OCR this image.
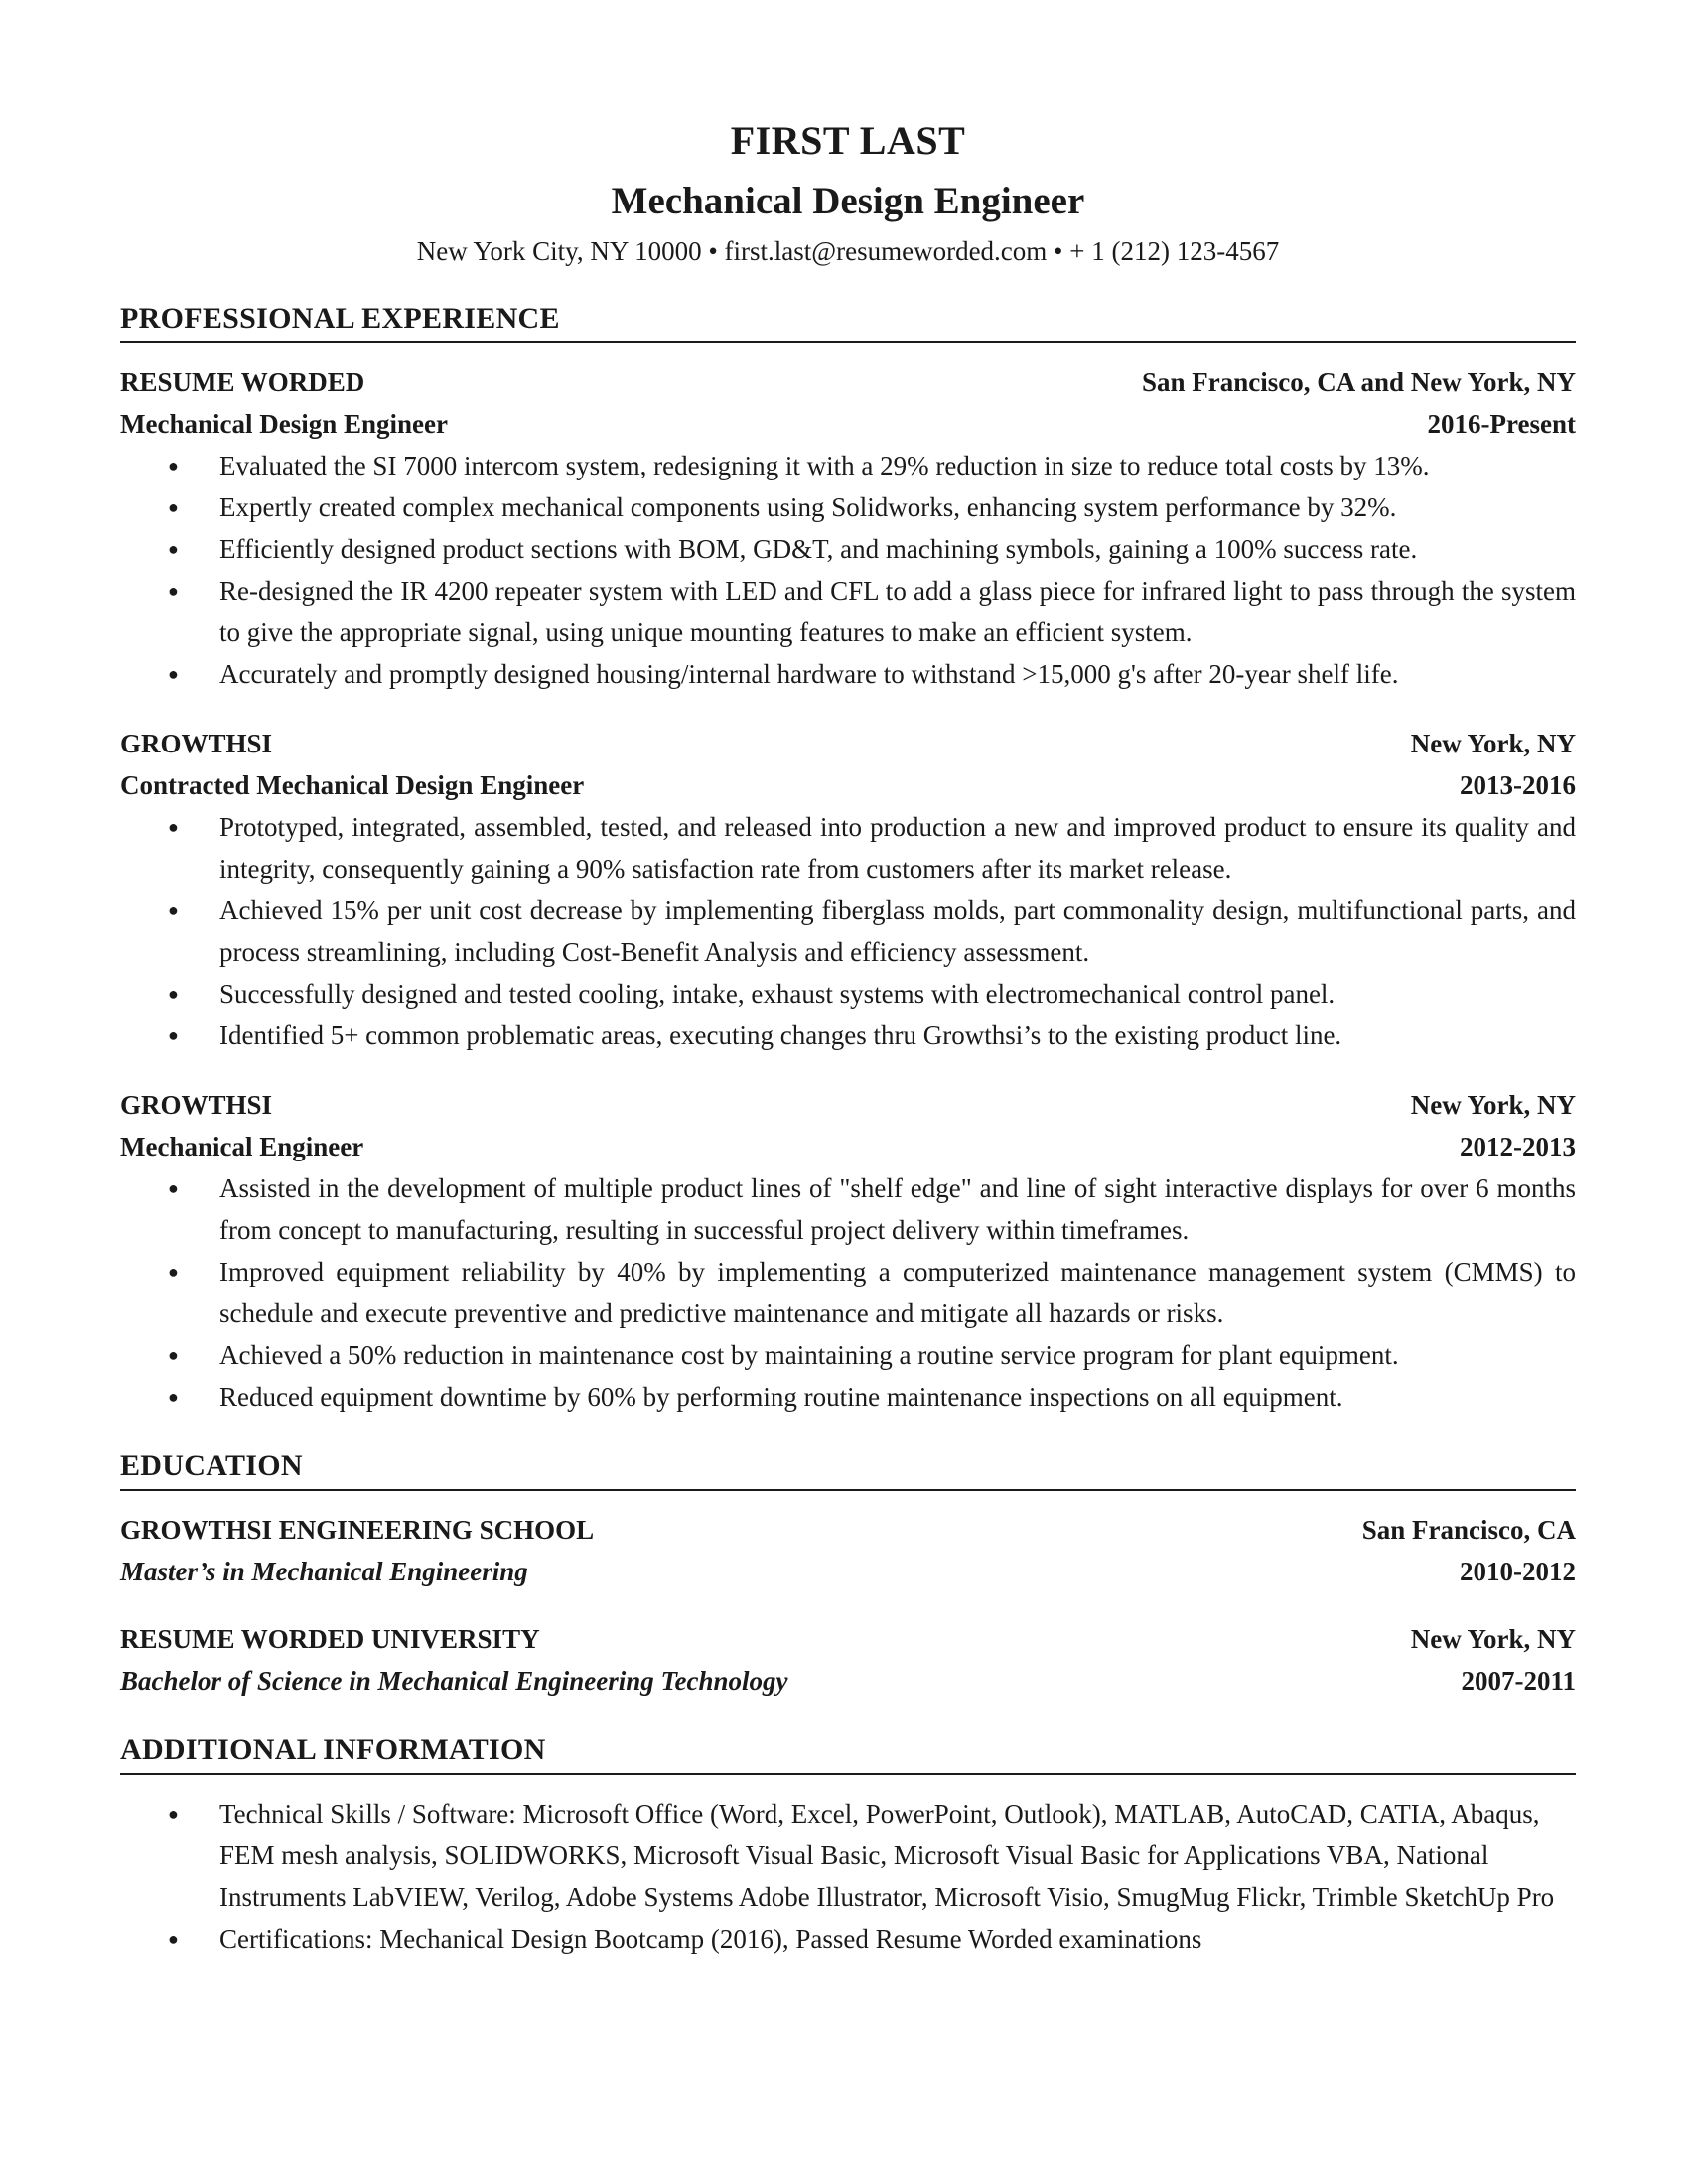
FIRST LAST
Mechanical Design Engineer
New York City, NY 10000 • first.last@resumeworded.com • + 1 (212) 123-4567
PROFESSIONAL EXPERIENCE
RESUME WORDED	San Francisco, CA and New York, NY
Mechanical Design Engineer	2016-Present
● Evaluated the SI 7000 intercom system, redesigning it with a 29% reduction in size to reduce total costs by 13%.
● Expertly created complex mechanical components using Solidworks, enhancing system performance by 32%.
● Efficiently designed product sections with BOM, GD&T, and machining symbols, gaining a 100% success rate.
● Re-designed the IR 4200 repeater system with LED and CFL to add a glass piece for infrared light to pass through the system to give the appropriate signal, using unique mounting features to make an efficient system.
● Accurately and promptly designed housing/internal hardware to withstand >15,000 g's after 20-year shelf life.
GROWTHSI	New York, NY
Contracted Mechanical Design Engineer	2013-2016
● Prototyped, integrated, assembled, tested, and released into production a new and improved product to ensure its quality and integrity, consequently gaining a 90% satisfaction rate from customers after its market release.
● Achieved 15% per unit cost decrease by implementing fiberglass molds, part commonality design, multifunctional parts, and process streamlining, including Cost-Benefit Analysis and efficiency assessment.
● Successfully designed and tested cooling, intake, exhaust systems with electromechanical control panel.
● Identified 5+ common problematic areas, executing changes thru Growthsi’s to the existing product line.
GROWTHSI	New York, NY
Mechanical Engineer	2012-2013
● Assisted in the development of multiple product lines of "shelf edge" and line of sight interactive displays for over 6 months from concept to manufacturing, resulting in successful project delivery within timeframes.
● Improved equipment reliability by 40% by implementing a computerized maintenance management system (CMMS) to schedule and execute preventive and predictive maintenance and mitigate all hazards or risks.
● Achieved a 50% reduction in maintenance cost by maintaining a routine service program for plant equipment.
● Reduced equipment downtime by 60% by performing routine maintenance inspections on all equipment.
EDUCATION
GROWTHSI ENGINEERING SCHOOL	San Francisco, CA
Master’s in Mechanical Engineering	2010-2012
RESUME WORDED UNIVERSITY	New York, NY
Bachelor of Science in Mechanical Engineering Technology	2007-2011
ADDITIONAL INFORMATION
● Technical Skills / Software: Microsoft Office (Word, Excel, PowerPoint, Outlook), MATLAB, AutoCAD, CATIA, Abaqus, FEM mesh analysis, SOLIDWORKS, Microsoft Visual Basic, Microsoft Visual Basic for Applications VBA, National Instruments LabVIEW, Verilog, Adobe Systems Adobe Illustrator, Microsoft Visio, SmugMug Flickr, Trimble SketchUp Pro
● Certifications: Mechanical Design Bootcamp (2016), Passed Resume Worded examinations
